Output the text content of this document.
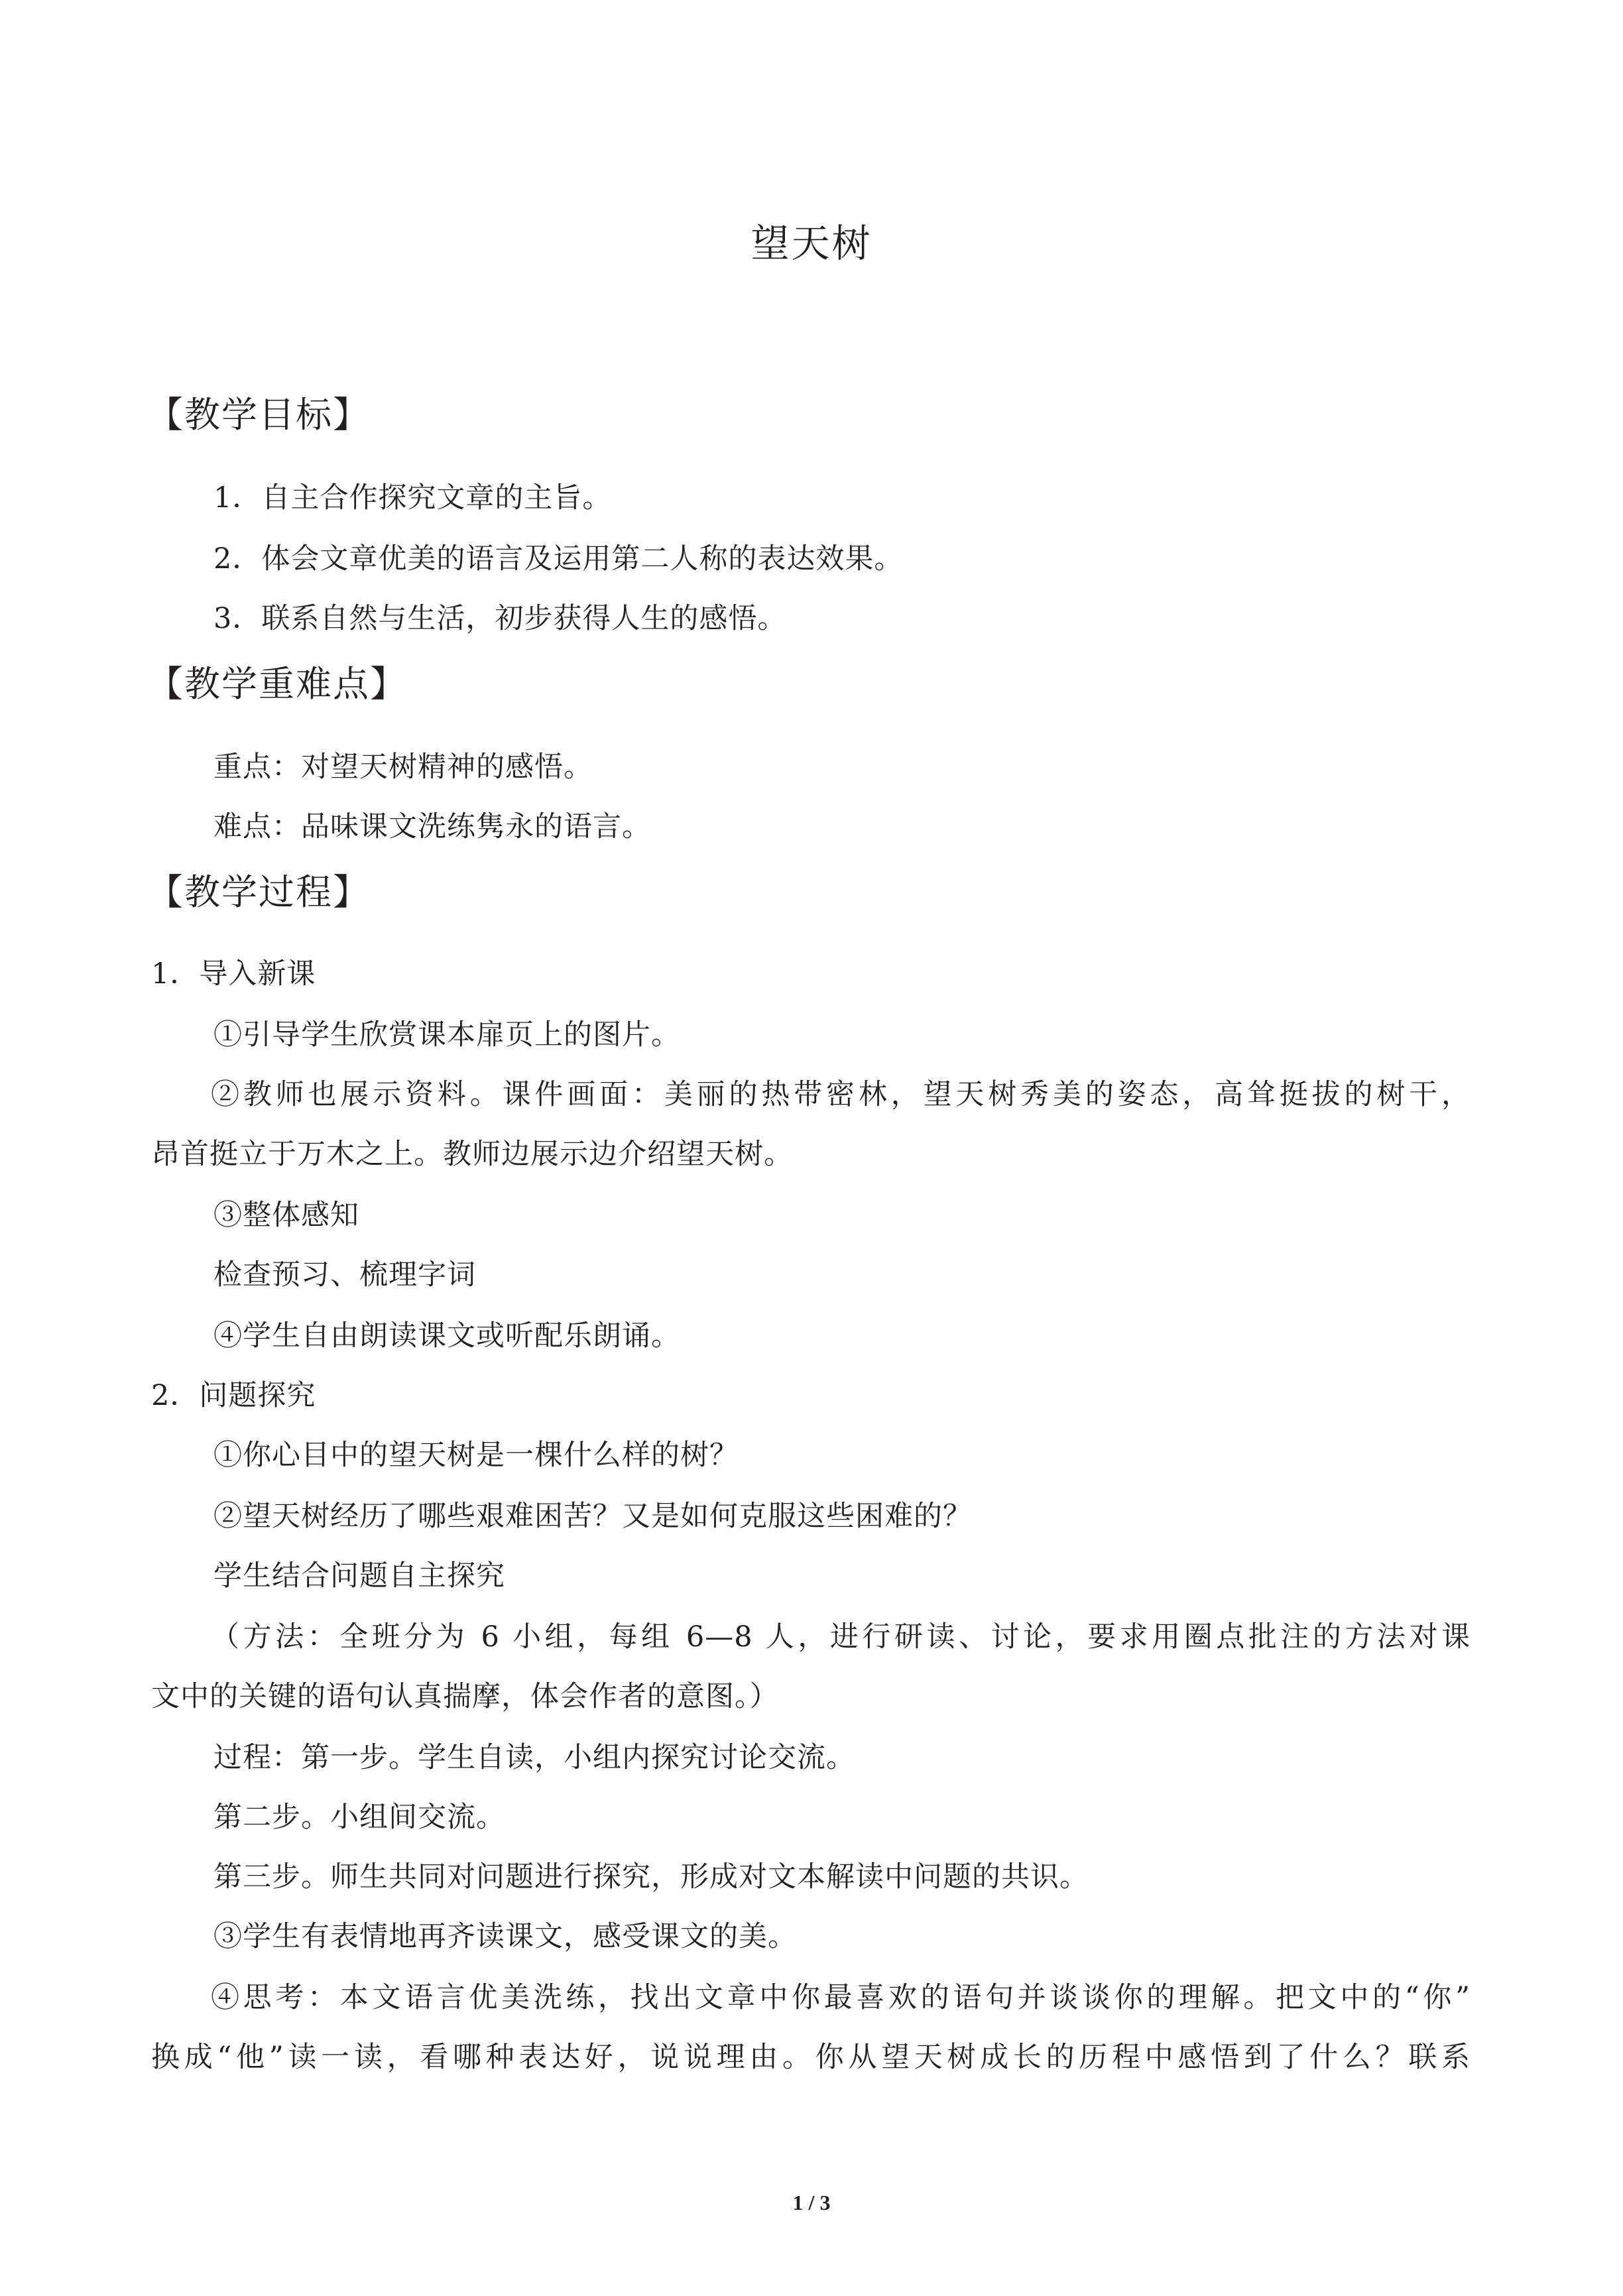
望天树
【教学目标】

1．自主合作探究文章的主旨。

2．体会文章优美的语言及运用第二人称的表达效果。

3．联系自然与生活，初步获得人生的感悟。

【教学重难点】

重点：对望天树精神的感悟。

难点：品味课文洗练隽永的语言。

【教学过程】

1．导入新课

①引导学生欣赏课本扉页上的图片。

②教师也展示资料。课件画面：美丽的热带密林，望天树秀美的姿态，高耸挺拔的树干，

昂首挺立于万木之上。教师边展示边介绍望天树。

③整体感知

检查预习、梳理字词

④学生自由朗读课文或听配乐朗诵。

2．问题探究

①你心目中的望天树是一棵什么样的树？

②望天树经历了哪些艰难困苦？又是如何克服这些困难的？

学生结合问题自主探究

（方法：全班分为 6 小组，每组 6—8 人，进行研读、讨论，要求用圈点批注的方法对课

文中的关键的语句认真揣摩，体会作者的意图。）

过程：第一步。学生自读，小组内探究讨论交流。

第二步。小组间交流。

第三步。师生共同对问题进行探究，形成对文本解读中问题的共识。

③学生有表情地再齐读课文，感受课文的美。

④思考：本文语言优美洗练，找出文章中你最喜欢的语句并谈谈你的理解。把文中的“你”

换成“他”读一读，看哪种表达好，说说理由。你从望天树成长的历程中感悟到了什么？联系

1 / 3
